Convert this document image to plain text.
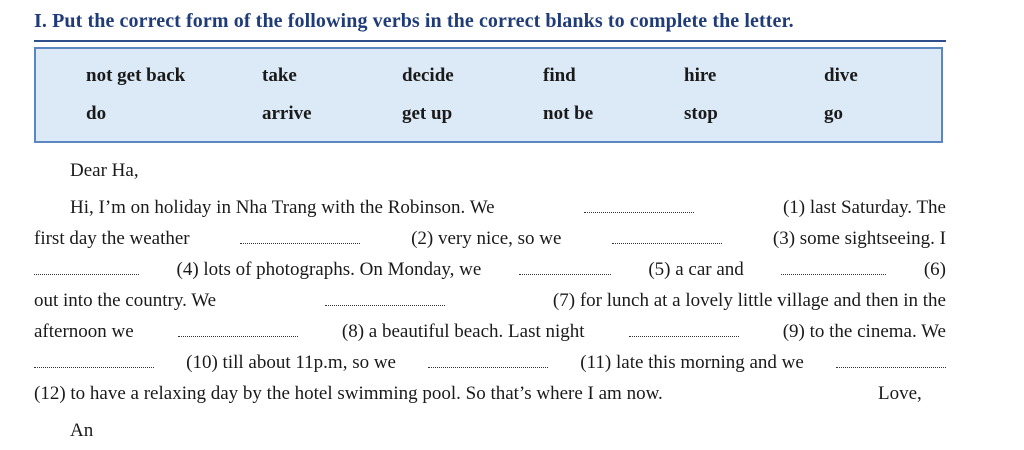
I. Put the correct form of the following verbs in the correct blanks to complete the letter.
not get back	take	decide	find	hire	dive
do	arrive	get up	not be	stop	go
Dear Ha,
Hi, I’m on holiday in Nha Trang with the Robinson. We	(1) last Saturday. The
first day the weather	(2) very nice, so we	(3) some sightseeing. I
(4) lots of photographs. On Monday, we	(5) a car and	(6)
out into the country. We	(7) for lunch at a lovely little village and then in the
afternoon we	(8) a beautiful beach. Last night	(9) to the cinema. We
(10) till about 11p.m, so we	(11) late this morning and we
(12) to have a relaxing day by the hotel swimming pool. So that’s where I am now.	Love,
An
